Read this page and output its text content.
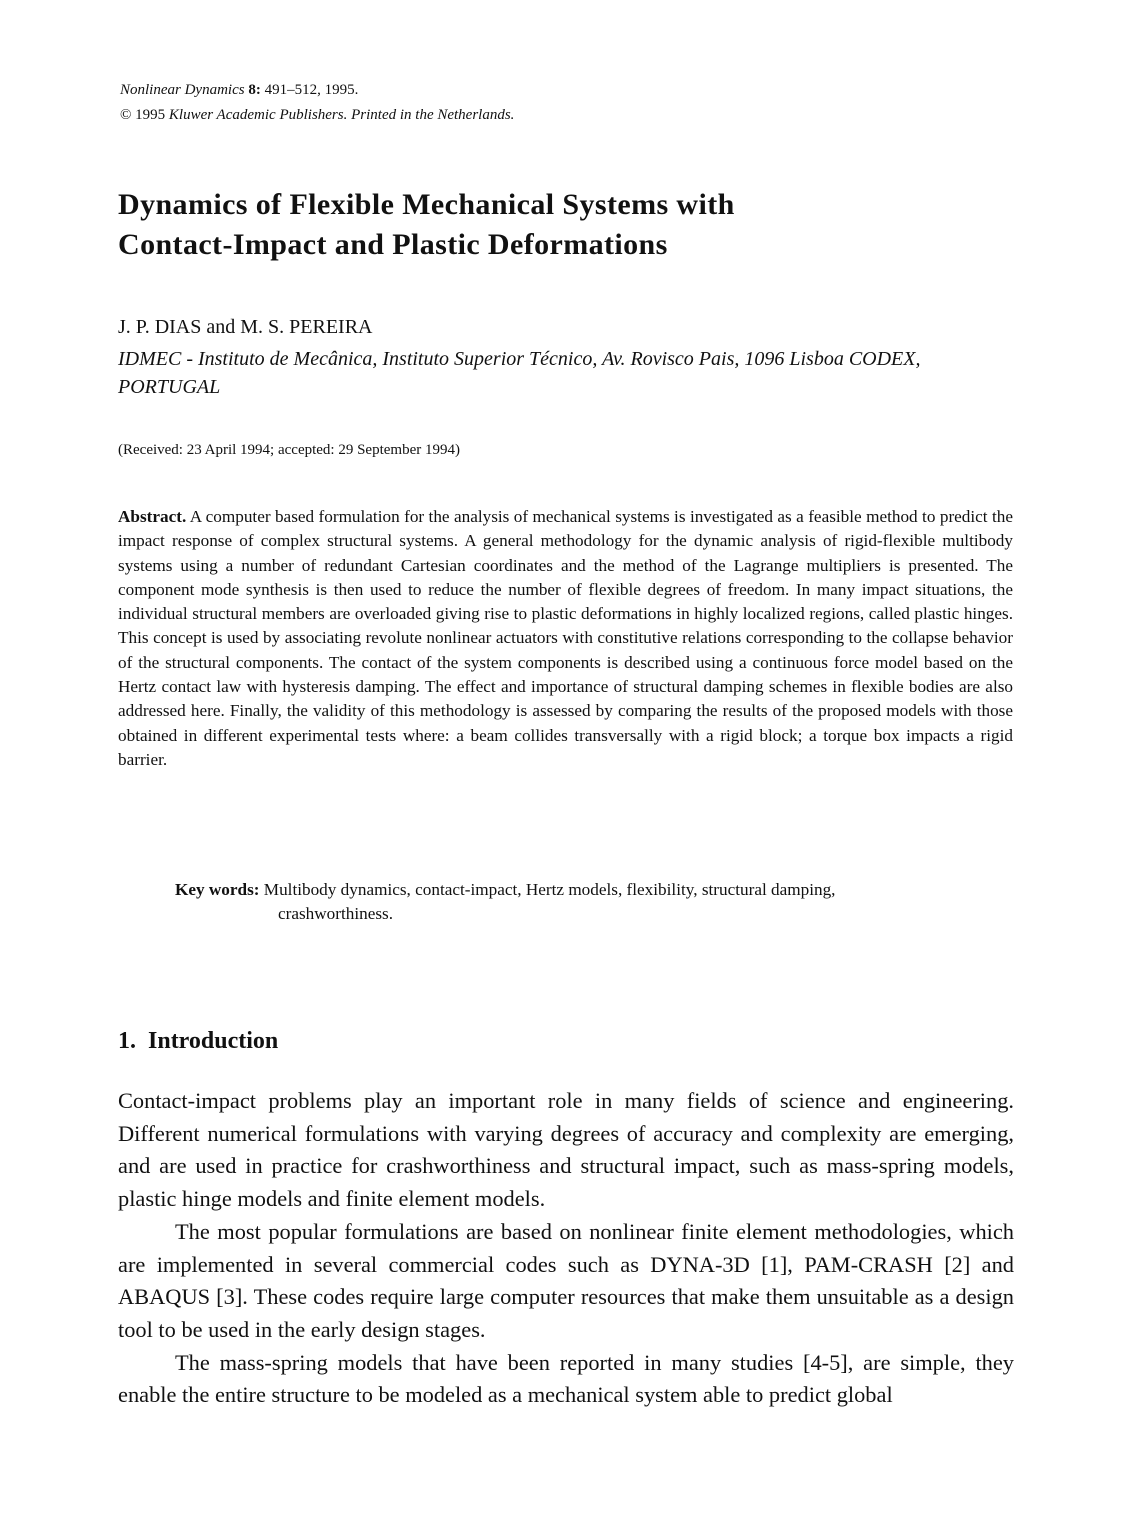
Nonlinear Dynamics 8: 491–512, 1995.
© 1995 Kluwer Academic Publishers. Printed in the Netherlands.
Dynamics of Flexible Mechanical Systems with
Contact-Impact and Plastic Deformations
J. P. DIAS and M. S. PEREIRA
IDMEC - Instituto de Mecânica, Instituto Superior Técnico, Av. Rovisco Pais, 1096 Lisboa CODEX,
PORTUGAL
(Received: 23 April 1994; accepted: 29 September 1994)

Abstract. A computer based formulation for the analysis of mechanical systems is investigated as a feasible method to predict the impact response of complex structural systems. A general methodology for the dynamic analysis of rigid-flexible multibody systems using a number of redundant Cartesian coordinates and the method of the Lagrange multipliers is presented. The component mode synthesis is then used to reduce the number of flexible degrees of freedom. In many impact situations, the individual structural members are overloaded giving rise to plastic deformations in highly localized regions, called plastic hinges. This concept is used by associating revolute nonlinear actuators with constitutive relations corresponding to the collapse behavior of the structural components. The contact of the system components is described using a continuous force model based on the Hertz contact law with hysteresis damping. The effect and importance of structural damping schemes in flexible bodies are also addressed here. Finally, the validity of this methodology is assessed by comparing the results of the proposed models with those obtained in different experimental tests where: a beam collides transversally with a rigid block; a torque box impacts a rigid barrier.

Key words: Multibody dynamics, contact-impact, Hertz models, flexibility, structural damping,
crashworthiness.
1. Introduction

Contact-impact problems play an important role in many fields of science and engineering. Different numerical formulations with varying degrees of accuracy and complexity are emerging, and are used in practice for crashworthiness and structural impact, such as mass-spring models, plastic hinge models and finite element models.

The most popular formulations are based on nonlinear finite element methodologies, which are implemented in several commercial codes such as DYNA-3D [1], PAM-CRASH [2] and ABAQUS [3]. These codes require large computer resources that make them unsuitable as a design tool to be used in the early design stages.

The mass-spring models that have been reported in many studies [4-5], are simple, they enable the entire structure to be modeled as a mechanical system able to predict global
